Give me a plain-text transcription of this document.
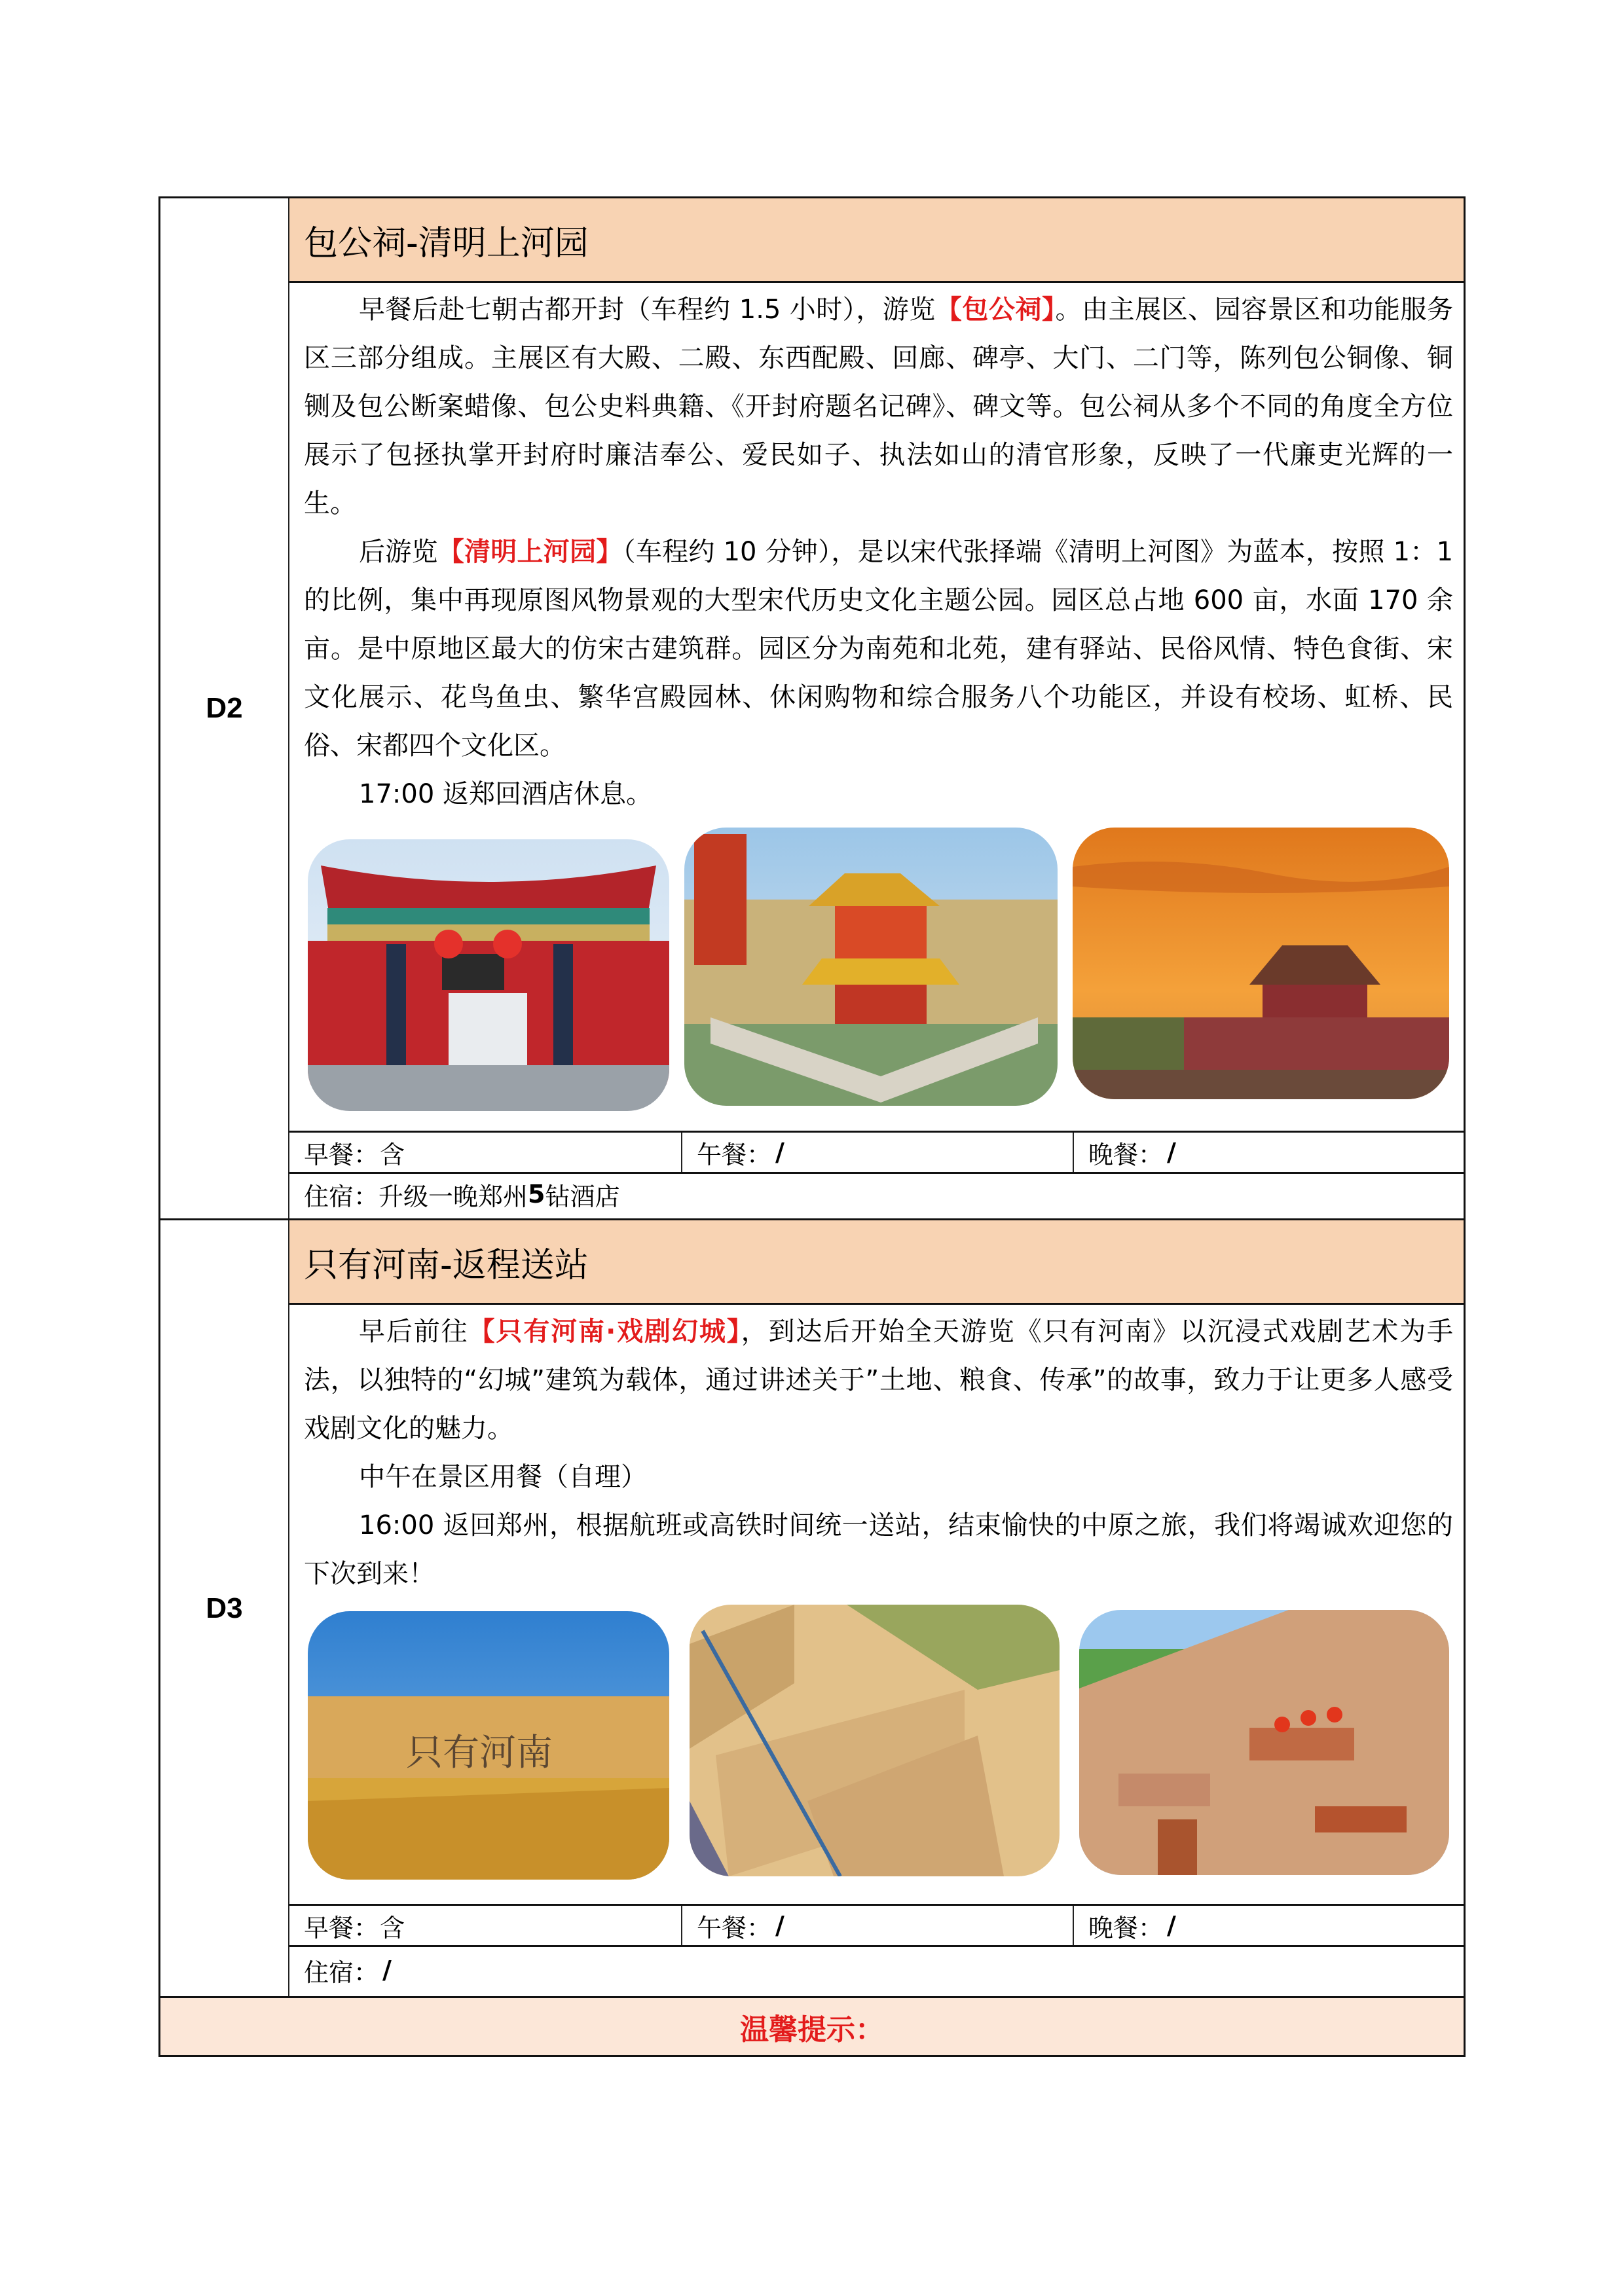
D2
包公祠-清明上河园

早餐后赴七朝古都开封（车程约 1.5 小时），游览【包公祠】。由主展区、园容景区和功能服务区三部分组成。主展区有大殿、二殿、东西配殿、回廊、碑亭、大门、二门等，陈列包公铜像、铜铡及包公断案蜡像、包公史料典籍、《开封府题名记碑》、碑文等。包公祠从多个不同的角度全方位展示了包拯执掌开封府时廉洁奉公、爱民如子、执法如山的清官形象，反映了一代廉吏光辉的一生。

后游览【清明上河园】（车程约 10 分钟），是以宋代张择端《清明上河图》为蓝本，按照 1：1 的比例，集中再现原图风物景观的大型宋代历史文化主题公园。园区总占地 600 亩，水面 170 余亩。是中原地区最大的仿宋古建筑群。园区分为南苑和北苑，建有驿站、民俗风情、特色食街、宋文化展示、花鸟鱼虫、繁华宫殿园林、休闲购物和综合服务八个功能区，并设有校场、虹桥、民俗、宋都四个文化区。

17:00 返郑回酒店休息。

早餐： 含	午餐： /	晚餐： /
住宿： 升级一晚郑州 5 钻酒店
D3
只有河南-返程送站

早后前往【只有河南·戏剧幻城】，到达后开始全天游览《只有河南》以沉浸式戏剧艺术为手法，以独特的“幻城”建筑为载体，通过讲述关于”土地、粮食、传承”的故事，致力于让更多人感受戏剧文化的魅力。

中午在景区用餐（自理）

16:00 返回郑州，根据航班或高铁时间统一送站，结束愉快的中原之旅，我们将竭诚欢迎您的下次到来！

只有河南
早餐： 含	午餐： /	晚餐： /
住宿： /
温馨提示：
